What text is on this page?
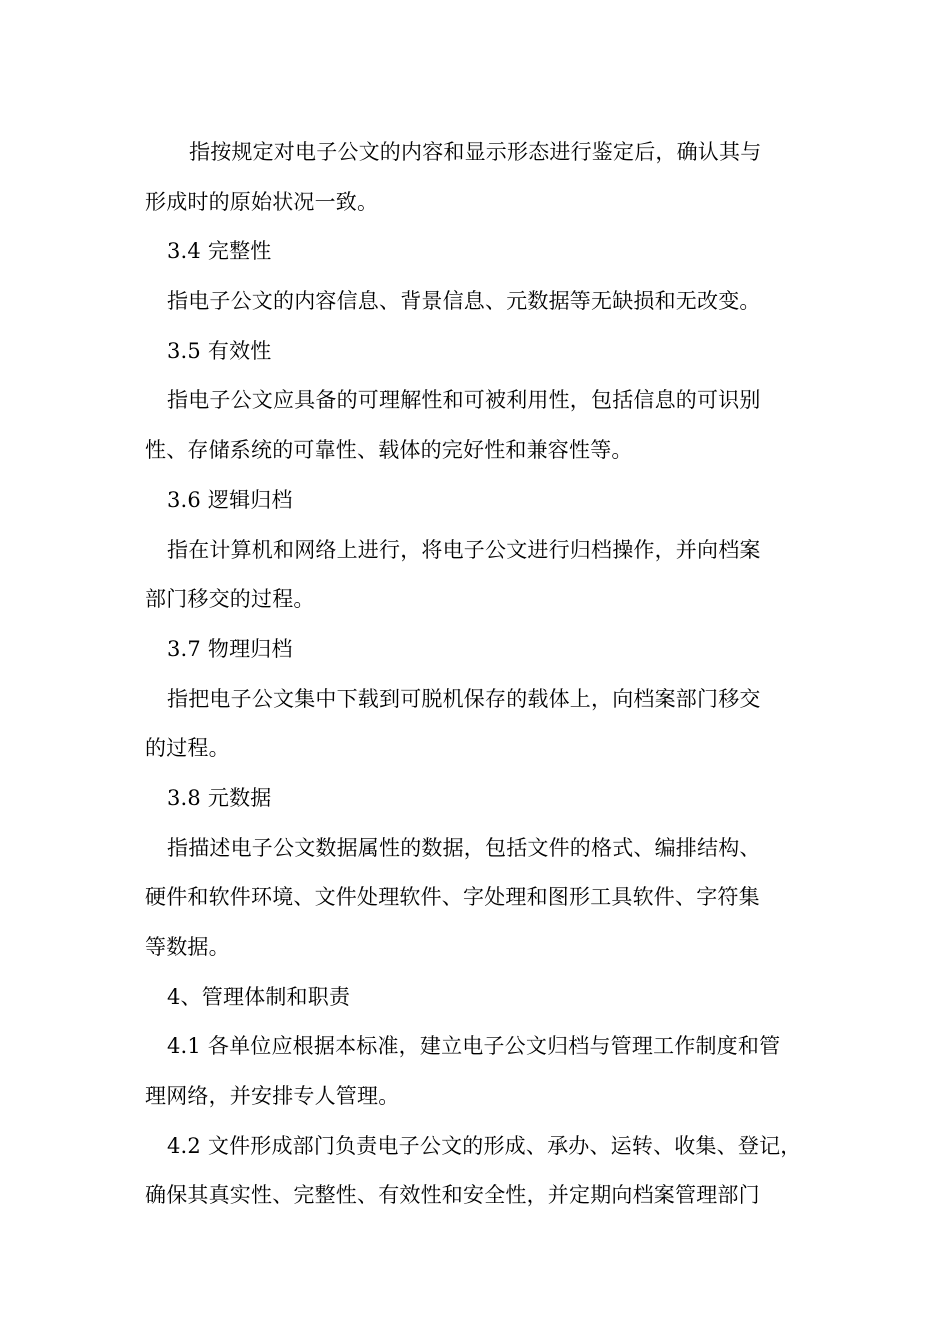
指按规定对电子公文的内容和显示形态进行鉴定后，确认其与
形成时的原始状况一致。
3.4 完整性
指电子公文的内容信息、背景信息、元数据等无缺损和无改变。
3.5 有效性
指电子公文应具备的可理解性和可被利用性，包括信息的可识别
性、存储系统的可靠性、载体的完好性和兼容性等。
3.6 逻辑归档
指在计算机和网络上进行，将电子公文进行归档操作，并向档案
部门移交的过程。
3.7 物理归档
指把电子公文集中下载到可脱机保存的载体上，向档案部门移交
的过程。
3.8 元数据
指描述电子公文数据属性的数据，包括文件的格式、编排结构、
硬件和软件环境、文件处理软件、字处理和图形工具软件、字符集
等数据。
4、管理体制和职责
4.1 各单位应根据本标准，建立电子公文归档与管理工作制度和管
理网络，并安排专人管理。
4.2 文件形成部门负责电子公文的形成、承办、运转、收集、登记，
确保其真实性、完整性、有效性和安全性，并定期向档案管理部门
